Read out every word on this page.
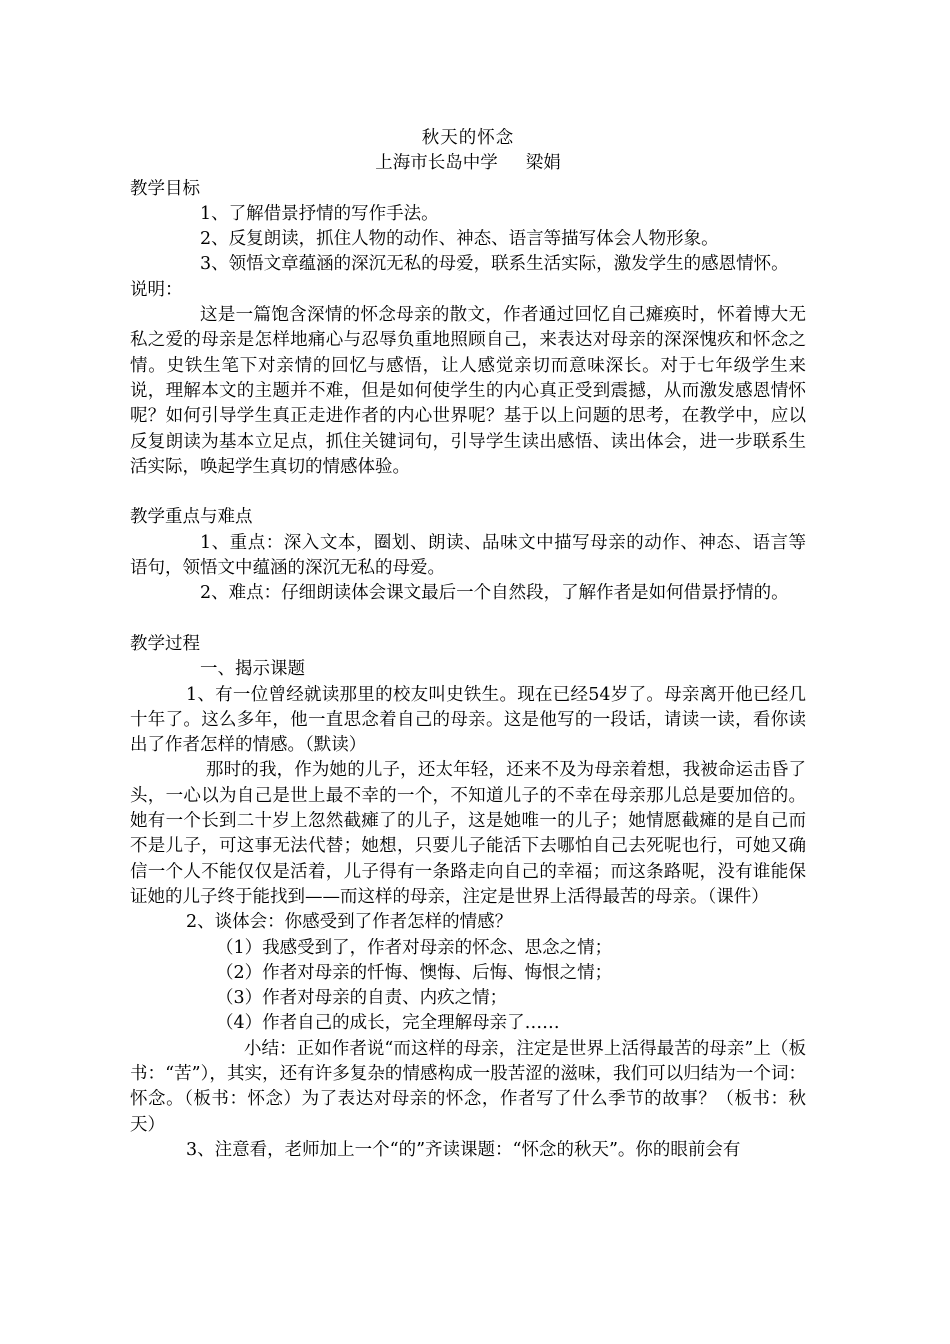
秋天的怀念
上海市长岛中学 梁娟
教学目标
1、了解借景抒情的写作手法。
2、反复朗读，抓住人物的动作、神态、语言等描写体会人物形象。
3、领悟文章蕴涵的深沉无私的母爱，联系生活实际，激发学生的感恩情怀。
说明：
这是一篇饱含深情的怀念母亲的散文，作者通过回忆自己瘫痪时，怀着博大无私之爱的母亲是怎样地痛心与忍辱负重地照顾自己，来表达对母亲的深深愧疚和怀念之情。史铁生笔下对亲情的回忆与感悟，让人感觉亲切而意味深长。对于七年级学生来说，理解本文的主题并不难，但是如何使学生的内心真正受到震撼，从而激发感恩情怀呢？如何引导学生真正走进作者的内心世界呢？基于以上问题的思考，在教学中，应以反复朗读为基本立足点，抓住关键词句，引导学生读出感悟、读出体会，进一步联系生活实际，唤起学生真切的情感体验。
教学重点与难点
1、重点：深入文本，圈划、朗读、品味文中描写母亲的动作、神态、语言等语句，领悟文中蕴涵的深沉无私的母爱。
2、难点：仔细朗读体会课文最后一个自然段，了解作者是如何借景抒情的。
教学过程
一、揭示课题
1、有一位曾经就读那里的校友叫史铁生。现在已经54岁了。母亲离开他已经几十年了。这么多年，他一直思念着自己的母亲。这是他写的一段话，请读一读，看你读出了作者怎样的情感。（默读）
那时的我，作为她的儿子，还太年轻，还来不及为母亲着想，我被命运击昏了头，一心以为自己是世上最不幸的一个，不知道儿子的不幸在母亲那儿总是要加倍的。她有一个长到二十岁上忽然截瘫了的儿子，这是她唯一的儿子；她情愿截瘫的是自己而不是儿子，可这事无法代替；她想，只要儿子能活下去哪怕自己去死呢也行，可她又确信一个人不能仅仅是活着，儿子得有一条路走向自己的幸福；而这条路呢，没有谁能保证她的儿子终于能找到——而这样的母亲，注定是世界上活得最苦的母亲。（课件）
2、谈体会：你感受到了作者怎样的情感？
（1）我感受到了，作者对母亲的怀念、思念之情；
（2）作者对母亲的忏悔、懊悔、后悔、悔恨之情；
（3）作者对母亲的自责、内疚之情；
（4）作者自己的成长，完全理解母亲了……
小结：正如作者说“而这样的母亲，注定是世界上活得最苦的母亲”上（板书：“苦”），其实，还有许多复杂的情感构成一股苦涩的滋味，我们可以归结为一个词：怀念。（板书：怀念）为了表达对母亲的怀念，作者写了什么季节的故事？（板书：秋天）
3、注意看，老师加上一个“的”齐读课题：“怀念的秋天”。你的眼前会有
